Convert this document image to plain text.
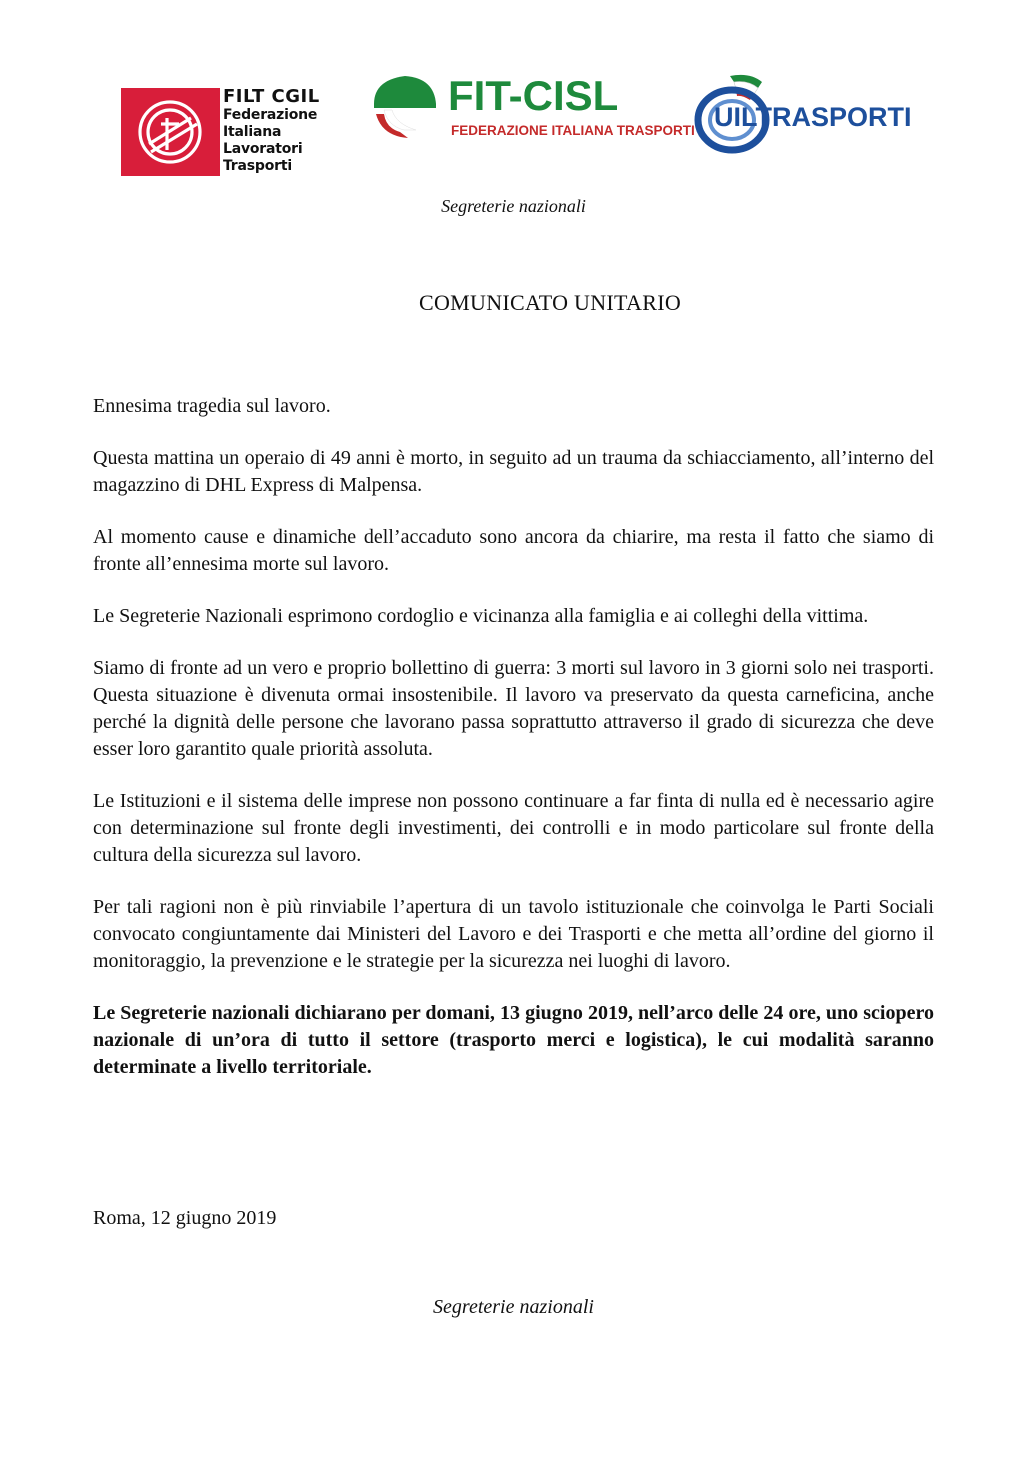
FILT CGIL
Federazione
Italiana
Lavoratori
Trasporti
FIT-CISL
FEDERAZIONE ITALIANA TRASPORTI UILTRASPORTI
Segreterie nazionali
COMUNICATO UNITARIO

Ennesima tragedia sul lavoro.

Questa mattina un operaio di 49 anni è morto, in seguito ad un trauma da schiacciamento, all’interno del magazzino di DHL Express di Malpensa.

Al momento cause e dinamiche dell’accaduto sono ancora da chiarire, ma resta il fatto che siamo di fronte all’ennesima morte sul lavoro.

Le Segreterie Nazionali esprimono cordoglio e vicinanza alla famiglia e ai colleghi della vittima.

Siamo di fronte ad un vero e proprio bollettino di guerra: 3 morti sul lavoro in 3 giorni solo nei trasporti. Questa situazione è divenuta ormai insostenibile. Il lavoro va preservato da questa carneficina, anche perché la dignità delle persone che lavorano passa soprattutto attraverso il grado di sicurezza che deve esser loro garantito quale priorità assoluta.

Le Istituzioni e il sistema delle imprese non possono continuare a far finta di nulla ed è necessario agire con determinazione sul fronte degli investimenti, dei controlli e in modo particolare sul fronte della cultura della sicurezza sul lavoro.

Per tali ragioni non è più rinviabile l’apertura di un tavolo istituzionale che coinvolga le Parti Sociali convocato congiuntamente dai Ministeri del Lavoro e dei Trasporti e che metta all’ordine del giorno il monitoraggio, la prevenzione e le strategie per la sicurezza nei luoghi di lavoro.

Le Segreterie nazionali dichiarano per domani, 13 giugno 2019, nell’arco delle 24 ore, uno sciopero nazionale di un’ora di tutto il settore (trasporto merci e logistica), le cui modalità saranno determinate a livello territoriale.

Roma, 12 giugno 2019
Segreterie nazionali
